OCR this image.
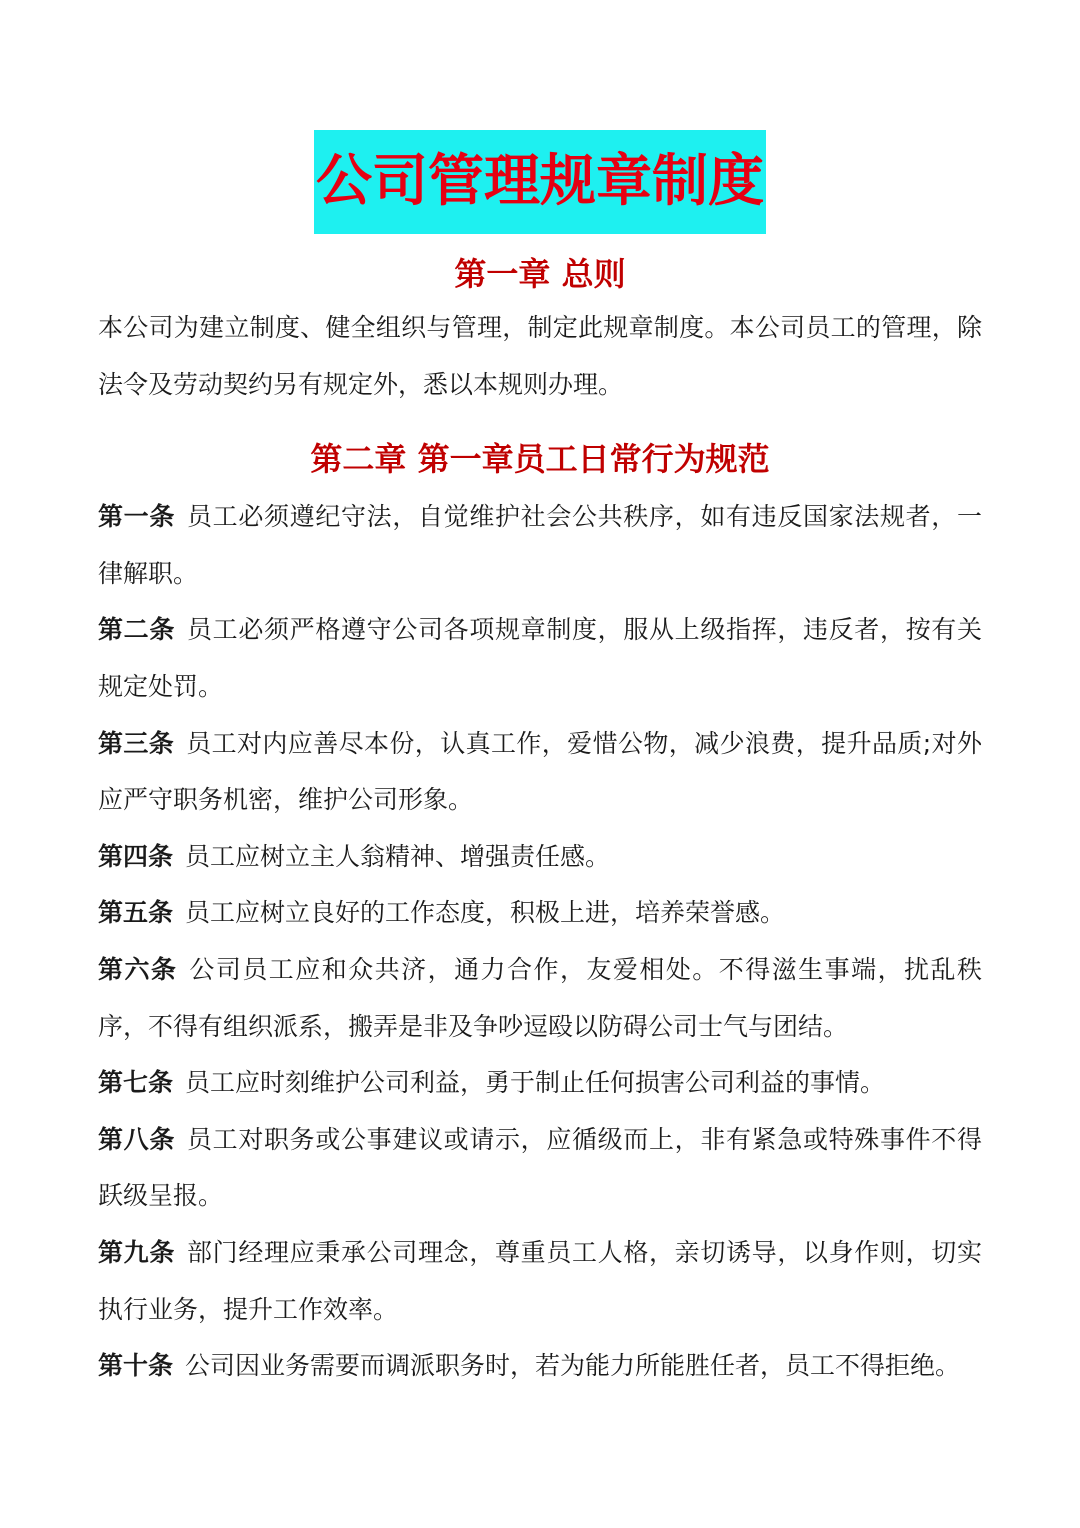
公司管理规章制度
第一章 总则

本公司为建立制度、健全组织与管理，制定此规章制度。本公司员工的管理，除法令及劳动契约另有规定外，悉以本规则办理。

第二章 第一章员工日常行为规范

第一条 员工必须遵纪守法，自觉维护社会公共秩序，如有违反国家法规者，一律解职。

第二条 员工必须严格遵守公司各项规章制度，服从上级指挥，违反者，按有关规定处罚。

第三条 员工对内应善尽本份，认真工作，爱惜公物，减少浪费，提升品质;对外应严守职务机密，维护公司形象。

第四条 员工应树立主人翁精神、增强责任感。

第五条 员工应树立良好的工作态度，积极上进，培养荣誉感。

第六条 公司员工应和众共济，通力合作，友爱相处。不得滋生事端，扰乱秩序，不得有组织派系，搬弄是非及争吵逗殴以防碍公司士气与团结。

第七条 员工应时刻维护公司利益，勇于制止任何损害公司利益的事情。

第八条 员工对职务或公事建议或请示，应循级而上，非有紧急或特殊事件不得跃级呈报。

第九条 部门经理应秉承公司理念，尊重员工人格，亲切诱导，以身作则，切实执行业务，提升工作效率。

第十条 公司因业务需要而调派职务时，若为能力所能胜任者，员工不得拒绝。
